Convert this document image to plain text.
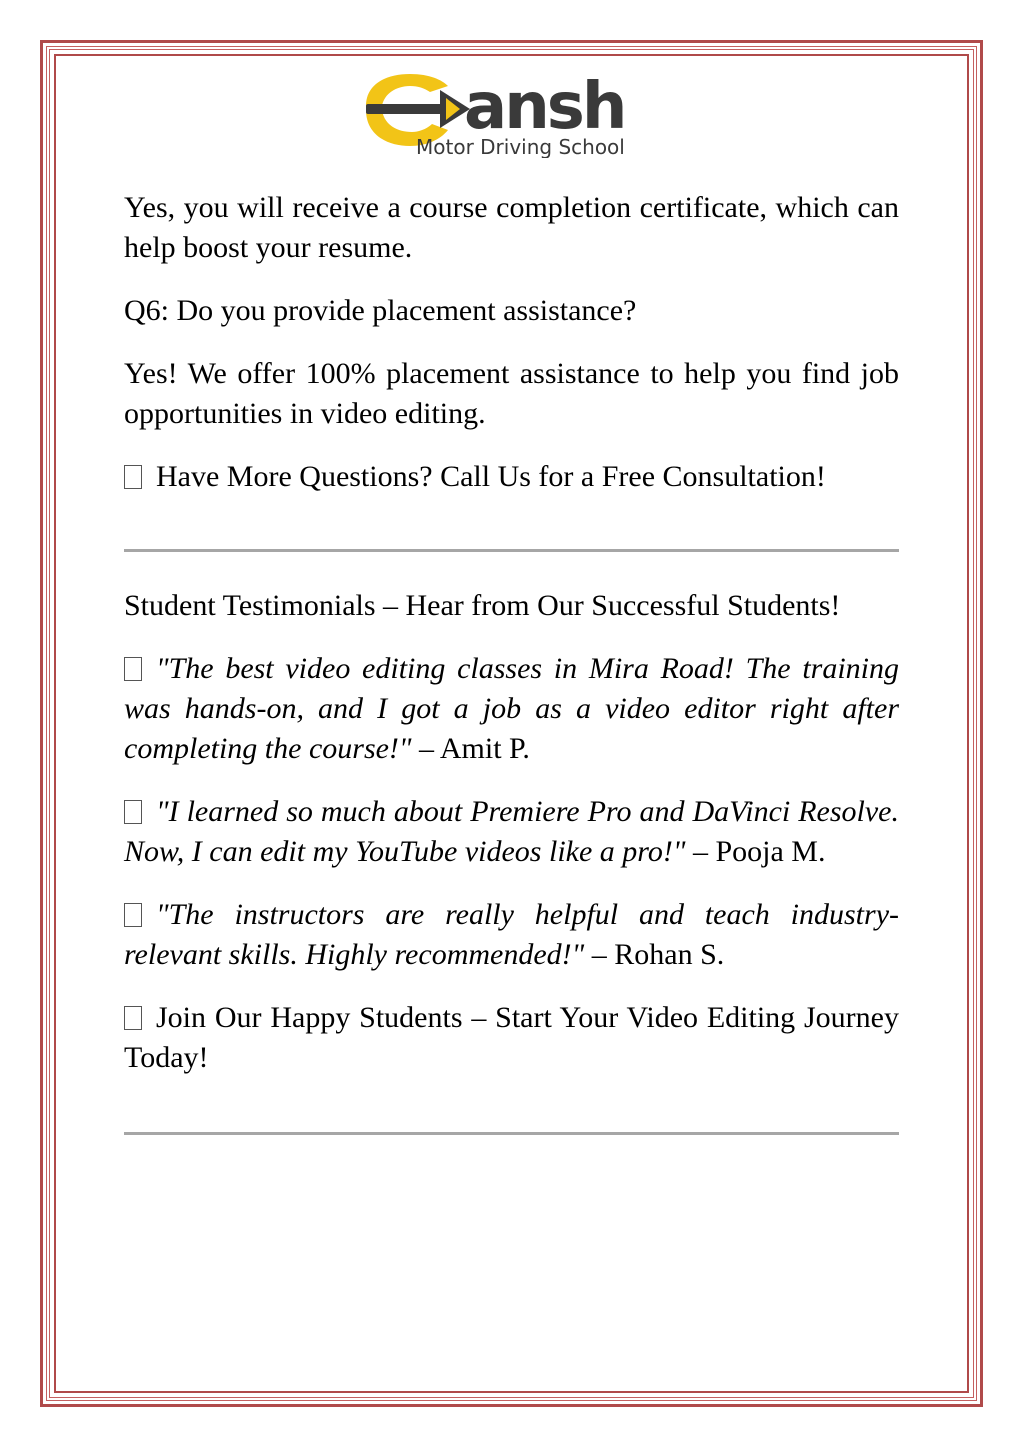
ansh
Motor Driving School

Yes, you will receive a course completion certificate, which can help boost your resume.

Q6: Do you provide placement assistance?

Yes! We offer 100% placement assistance to help you find job opportunities in video editing.

Have More Questions? Call Us for a Free Consultation!

Student Testimonials – Hear from Our Successful Students!

"The best video editing classes in Mira Road! The training was hands-on, and I got a job as a video editor right after completing the course!" – Amit P.

"I learned so much about Premiere Pro and DaVinci Resolve. Now, I can edit my YouTube videos like a pro!" – Pooja M.

"The instructors are really helpful and teach industry-relevant skills. Highly recommended!" – Rohan S.

Join Our Happy Students – Start Your Video Editing Journey Today!
